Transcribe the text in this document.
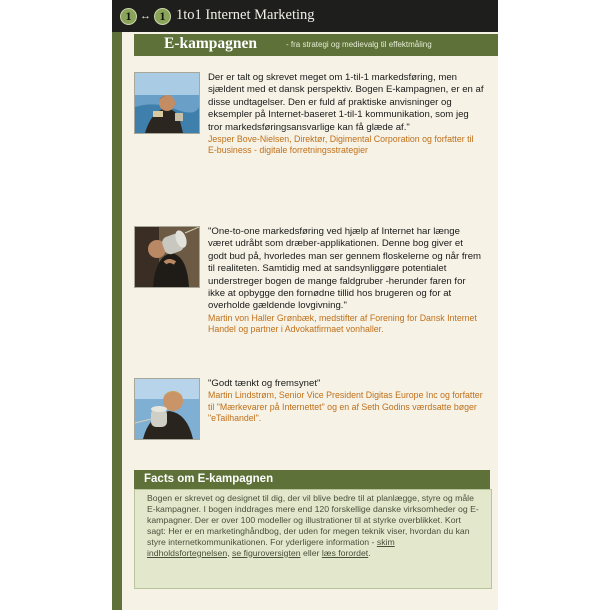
1 ↔ 1 1to1 Internet Marketing
E-kampagnen	- fra strategi og medievalg til effektmåling
Der er talt og skrevet meget om 1-til-1 markedsføring, men sjældent med et dansk perspektiv. Bogen E-kampagnen, er en af disse undtagelser. Den er fuld af praktiske anvisninger og eksempler på Internet-baseret 1-til-1 kommunikation, som jeg tror markedsføringsansvarlige kan få glæde af."
Jesper Bove-Nielsen, Direktør, Digimental Corporation og forfatter til E-business - digitale forretningsstrategier
"One-to-one markedsføring ved hjælp af Internet har længe været udråbt som dræber-applikationen. Denne bog giver et godt bud på, hvorledes man ser gennem floskelerne og når frem til realiteten. Samtidig med at sandsynliggøre potentialet understreger bogen de mange faldgruber -herunder faren for ikke at opbygge den fornødne tillid hos brugeren og for at overholde gældende lovgivning."
Martin von Haller Grønbæk, medstifter af Forening for Dansk Internet Handel og partner i Advokatfirmaet vonhaller.
"Godt tænkt og fremsynet"
Martin Lindstrøm, Senior Vice President Digitas Europe Inc og forfatter til "Mærkevarer på Internettet" og en af Seth Godins værdsatte bøger "eTailhandel".
Facts om E-kampagnen
Bogen er skrevet og designet til dig, der vil blive bedre til at planlægge, styre og måle E-kampagner. I bogen inddrages mere end 120 forskellige danske virksomheder og E-kampagner. Der er over 100 modeller og illustrationer til at styrke overblikket. Kort sagt: Her er en marketinghåndbog, der uden for megen teknik viser, hvordan du kan styre internetkommunikationen. For yderligere information - skim indholdsfortegnelsen, se figuroversigten eller læs forordet.
